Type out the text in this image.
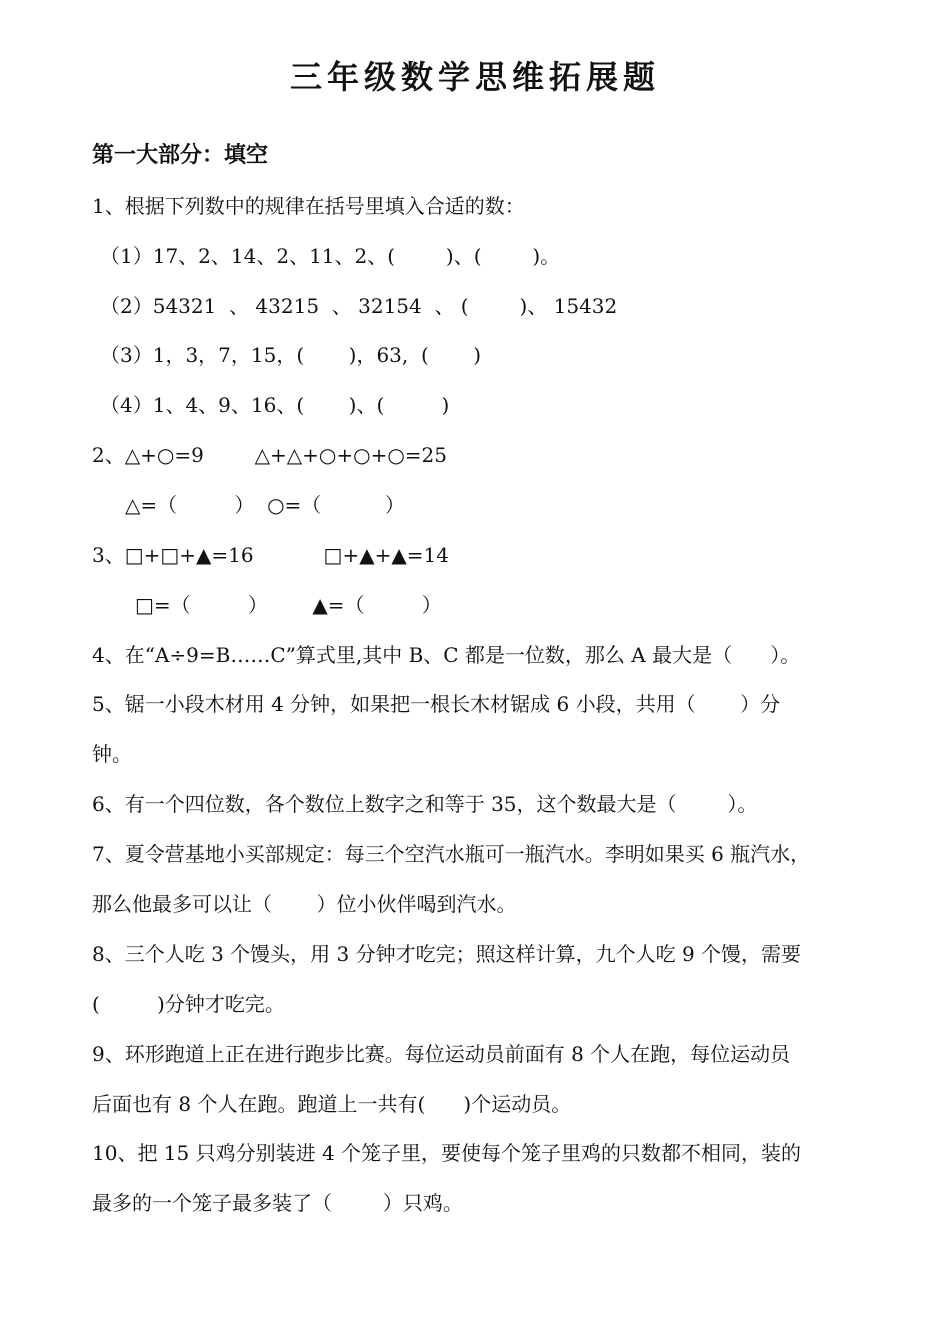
三年级数学思维拓展题
第一大部分：填空
1、根据下列数中的规律在括号里填入合适的数：
（1）17、2、14、2、11、2、(        )、(        )。
（2）54321  、 43215  、 32154  、 (        )、 15432
（3）1，3，7，15，(       )，63,  (       )
（4）1、4、9、16、(       )、(         )
2、△+○=9        △+△+○+○+○=25
△=（         ）  ○=（          ）
3、□+□+▲=16           □+▲+▲=14
□=（         ）       ▲=（         ）
4、在“A÷9=B……C”算式里,其中 B、C 都是一位数，那么 A 最大是（      ）。
5、锯一小段木材用 4 分钟，如果把一根长木材锯成 6 小段，共用（       ）分
钟。
6、有一个四位数，各个数位上数字之和等于 35，这个数最大是（        ）。
7、夏令营基地小买部规定：每三个空汽水瓶可一瓶汽水。李明如果买 6 瓶汽水，
那么他最多可以让（       ）位小伙伴喝到汽水。
8、三个人吃 3 个馒头，用 3 分钟才吃完；照这样计算，九个人吃 9 个馒，需要
(         )分钟才吃完。
9、环形跑道上正在进行跑步比赛。每位运动员前面有 8 个人在跑，每位运动员
后面也有 8 个人在跑。跑道上一共有(      )个运动员。
10、把 15 只鸡分别装进 4 个笼子里，要使每个笼子里鸡的只数都不相同，装的
最多的一个笼子最多装了（        ）只鸡。
